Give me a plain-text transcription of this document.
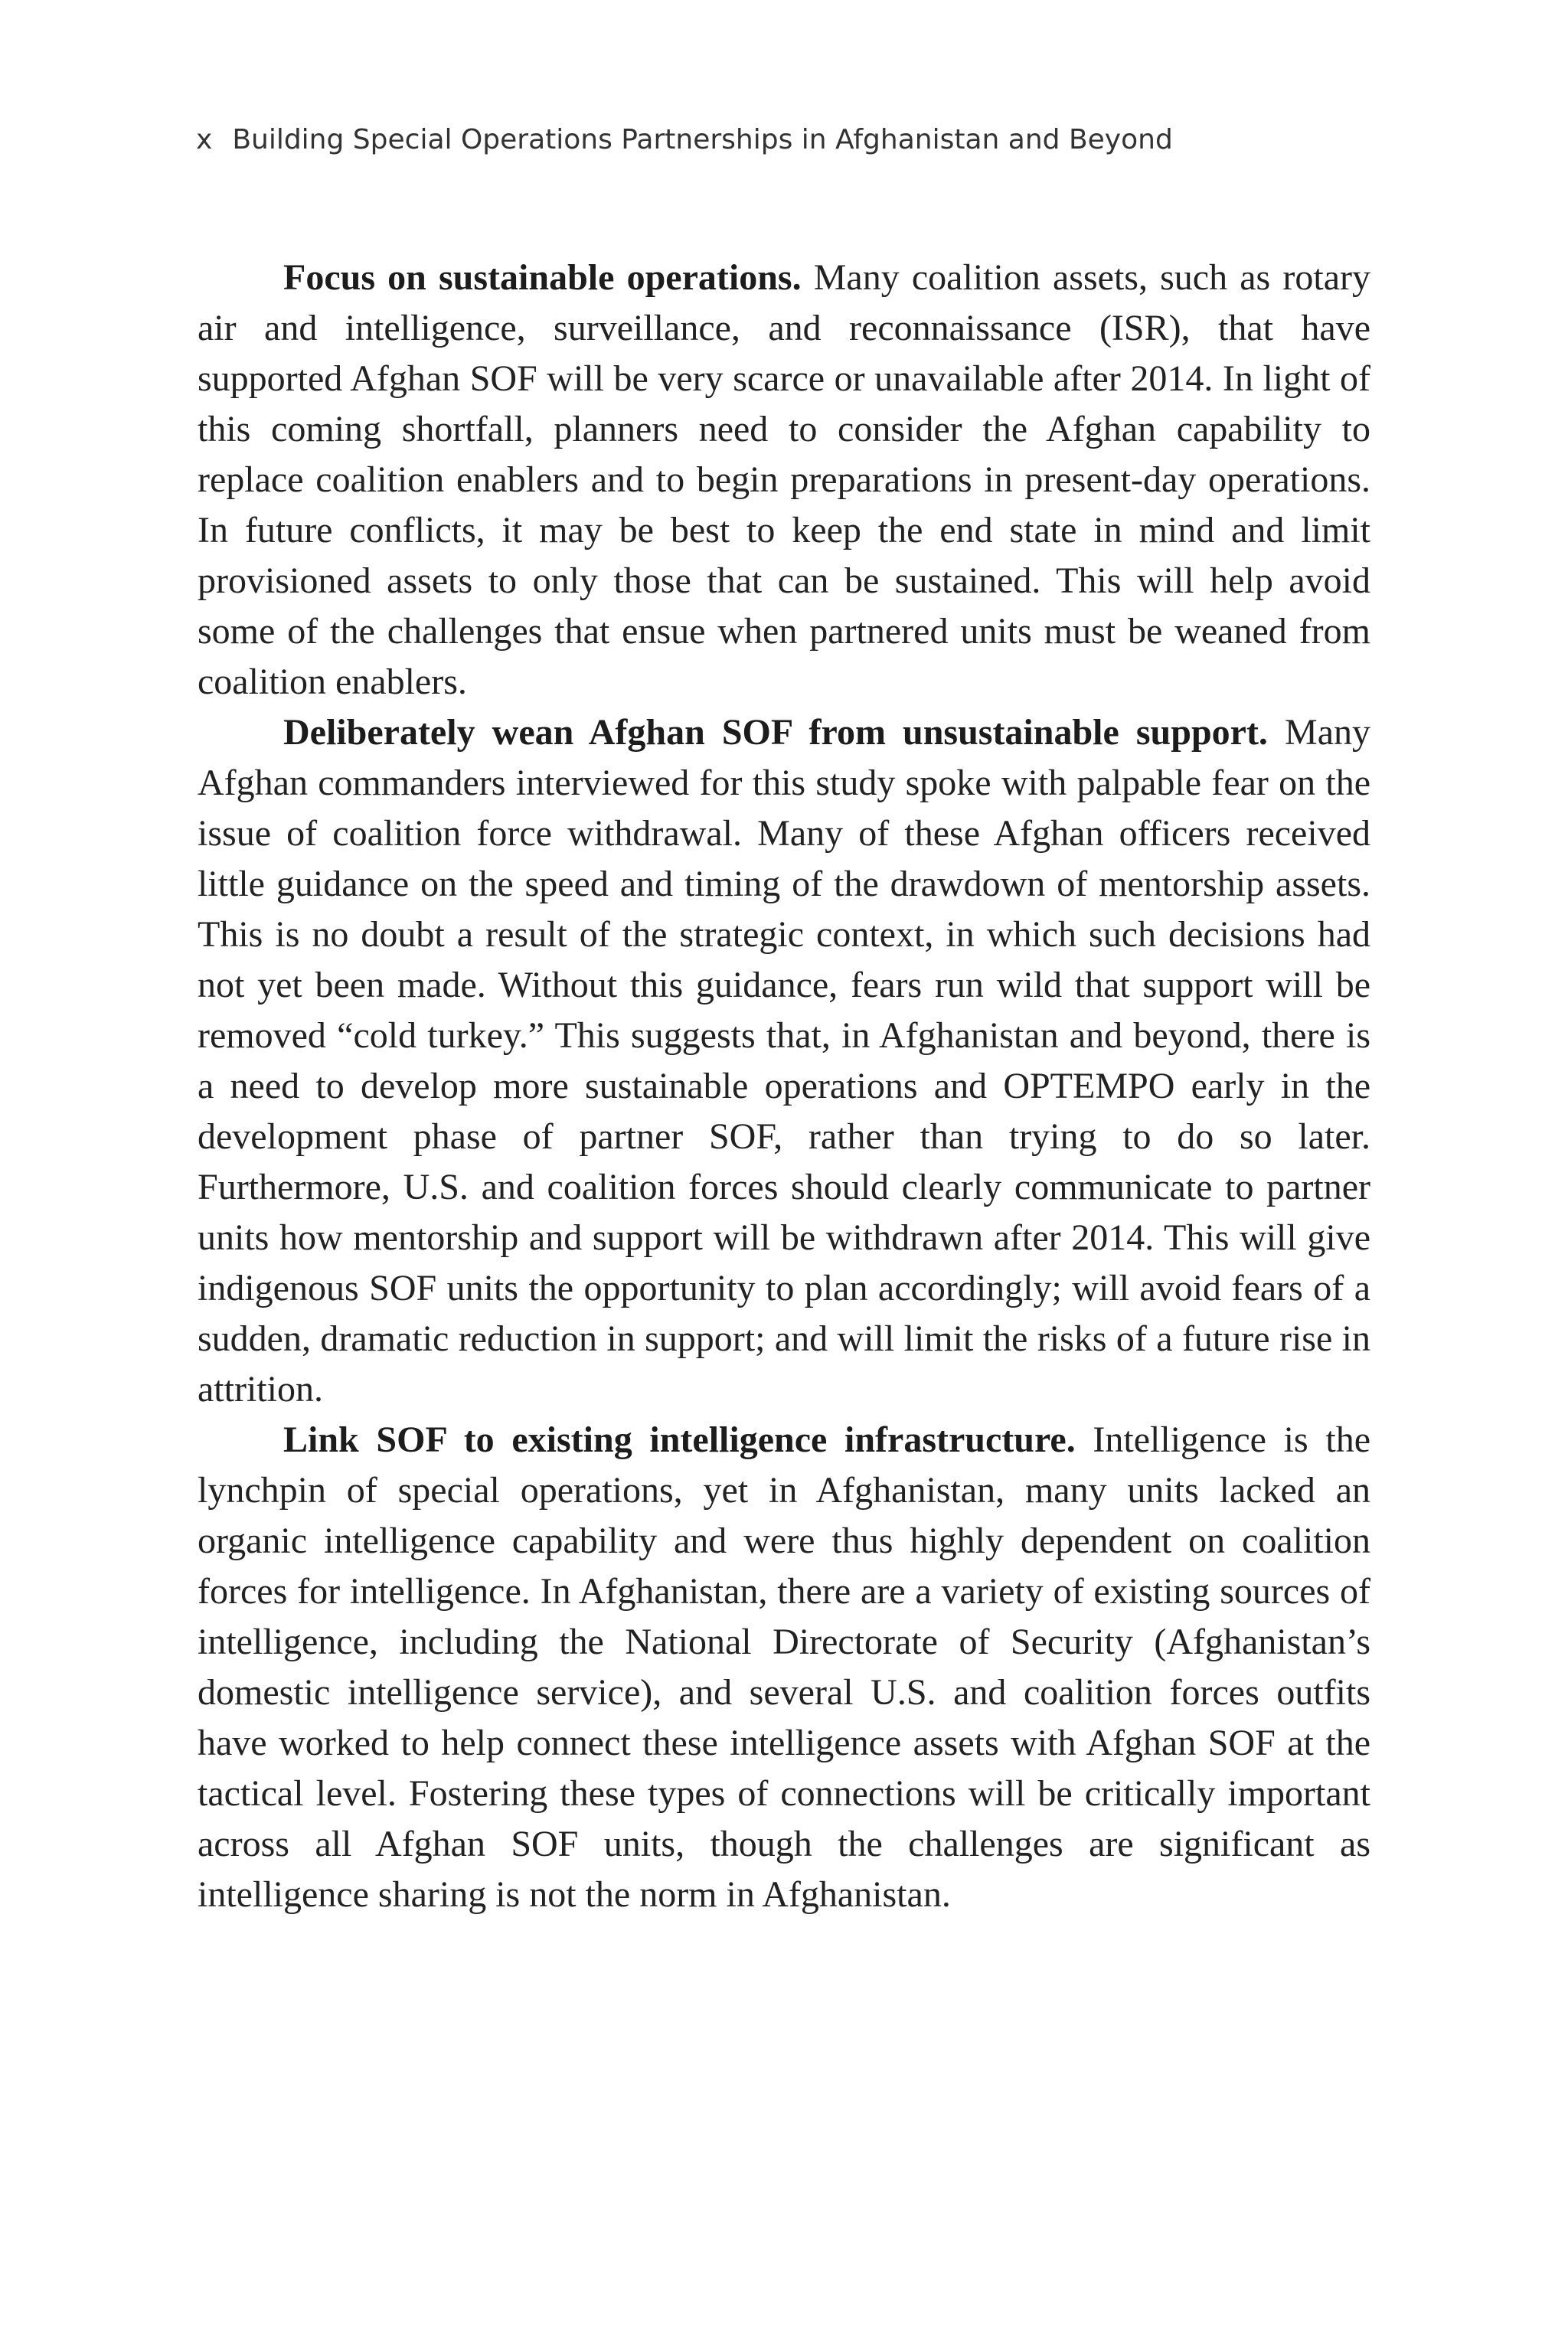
x Building Special Operations Partnerships in Afghanistan and Beyond

Focus on sustainable operations. Many coalition assets, such as rotary air and intelligence, surveillance, and reconnaissance (ISR), that have supported Afghan SOF will be very scarce or unavailable after 2014. In light of this coming shortfall, planners need to consider the Afghan capability to replace coalition enablers and to begin preparations in present-day operations. In future conflicts, it may be best to keep the end state in mind and limit provisioned assets to only those that can be sustained. This will help avoid some of the challenges that ensue when partnered units must be weaned from coalition enablers.

Deliberately wean Afghan SOF from unsustainable support. Many Afghan commanders interviewed for this study spoke with palpable fear on the issue of coalition force withdrawal. Many of these Afghan officers received little guidance on the speed and timing of the drawdown of mentorship assets. This is no doubt a result of the strategic context, in which such decisions had not yet been made. Without this guidance, fears run wild that support will be removed “cold turkey.” This suggests that, in Afghanistan and beyond, there is a need to develop more sustainable operations and OPTEMPO early in the development phase of partner SOF, rather than trying to do so later. Furthermore, U.S. and coalition forces should clearly communicate to partner units how mentorship and support will be withdrawn after 2014. This will give indigenous SOF units the opportunity to plan accordingly; will avoid fears of a sudden, dramatic reduction in support; and will limit the risks of a future rise in attrition.

Link SOF to existing intelligence infrastructure. Intelligence is the lynchpin of special operations, yet in Afghanistan, many units lacked an organic intelligence capability and were thus highly dependent on coalition forces for intelligence. In Afghanistan, there are a variety of existing sources of intelligence, including the National Directorate of Security (Afghanistan’s domestic intelligence service), and several U.S. and coalition forces outfits have worked to help connect these intelligence assets with Afghan SOF at the tactical level. Fostering these types of connections will be critically important across all Afghan SOF units, though the challenges are significant as intelligence sharing is not the norm in Afghanistan.
